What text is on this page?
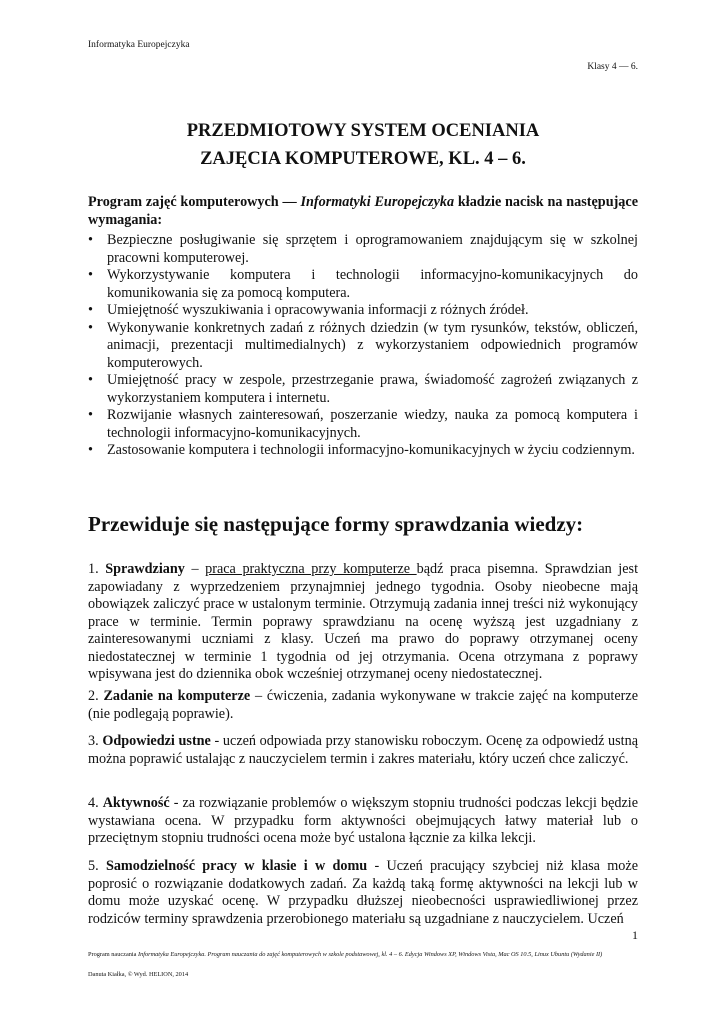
Informatyka Europejczyka
Klasy 4 — 6.
PRZEDMIOTOWY SYSTEM OCENIANIA
ZAJĘCIA KOMPUTEROWE, KL. 4 – 6.
Program zajęć komputerowych — Informatyki Europejczyka kładzie nacisk na następujące wymagania:
• Bezpieczne posługiwanie się sprzętem i oprogramowaniem znajdującym się w szkolnej pracowni komputerowej.
• Wykorzystywanie komputera i technologii informacyjno-komunikacyjnych do komunikowania się za pomocą komputera.
• Umiejętność wyszukiwania i opracowywania informacji z różnych źródeł.
• Wykonywanie konkretnych zadań z różnych dziedzin (w tym rysunków, tekstów, obliczeń, animacji, prezentacji multimedialnych) z wykorzystaniem odpowiednich programów komputerowych.
• Umiejętność pracy w zespole, przestrzeganie prawa, świadomość zagrożeń związanych z wykorzystaniem komputera i internetu.
• Rozwijanie własnych zainteresowań, poszerzanie wiedzy, nauka za pomocą komputera i technologii informacyjno-komunikacyjnych.
• Zastosowanie komputera i technologii informacyjno-komunikacyjnych w życiu codziennym.
Przewiduje się następujące formy sprawdzania wiedzy:
1. Sprawdziany – praca praktyczna przy komputerze bądź praca pisemna. Sprawdzian jest zapowiadany z wyprzedzeniem przynajmniej jednego tygodnia. Osoby nieobecne mają obowiązek zaliczyć prace w ustalonym terminie. Otrzymują zadania innej treści niż wykonujący prace w terminie. Termin poprawy sprawdzianu na ocenę wyższą jest uzgadniany z zainteresowanymi uczniami z klasy. Uczeń ma prawo do poprawy otrzymanej oceny niedostatecznej w terminie 1 tygodnia od jej otrzymania. Ocena otrzymana z poprawy wpisywana jest do dziennika obok wcześniej otrzymanej oceny niedostatecznej.
2. Zadanie na komputerze – ćwiczenia, zadania wykonywane w trakcie zajęć na komputerze (nie podlegają poprawie).
3. Odpowiedzi ustne - uczeń odpowiada przy stanowisku roboczym. Ocenę za odpowiedź ustną można poprawić ustalając z nauczycielem termin i zakres materiału, który uczeń chce zaliczyć.
4. Aktywność - za rozwiązanie problemów o większym stopniu trudności podczas lekcji będzie wystawiana ocena. W przypadku form aktywności obejmujących łatwy materiał lub o przeciętnym stopniu trudności ocena może być ustalona łącznie za kilka lekcji.
5. Samodzielność pracy w klasie i w domu - Uczeń pracujący szybciej niż klasa może poprosić o rozwiązanie dodatkowych zadań. Za każdą taką formę aktywności na lekcji lub w domu może uzyskać ocenę. W przypadku dłuższej nieobecności usprawiedliwionej przez rodziców terminy sprawdzenia przerobionego materiału są uzgadniane z nauczycielem. Uczeń
1
Program nauczania Informatyka Europejczyka. Program nauczania do zajęć komputerowych w szkole podstawowej, kl. 4 – 6. Edycja Windows XP, Windows Vista, Mac OS 10.5, Linux Ubuntu (Wydanie II)
Danuta Kiałka, © Wyd. HELION, 2014
